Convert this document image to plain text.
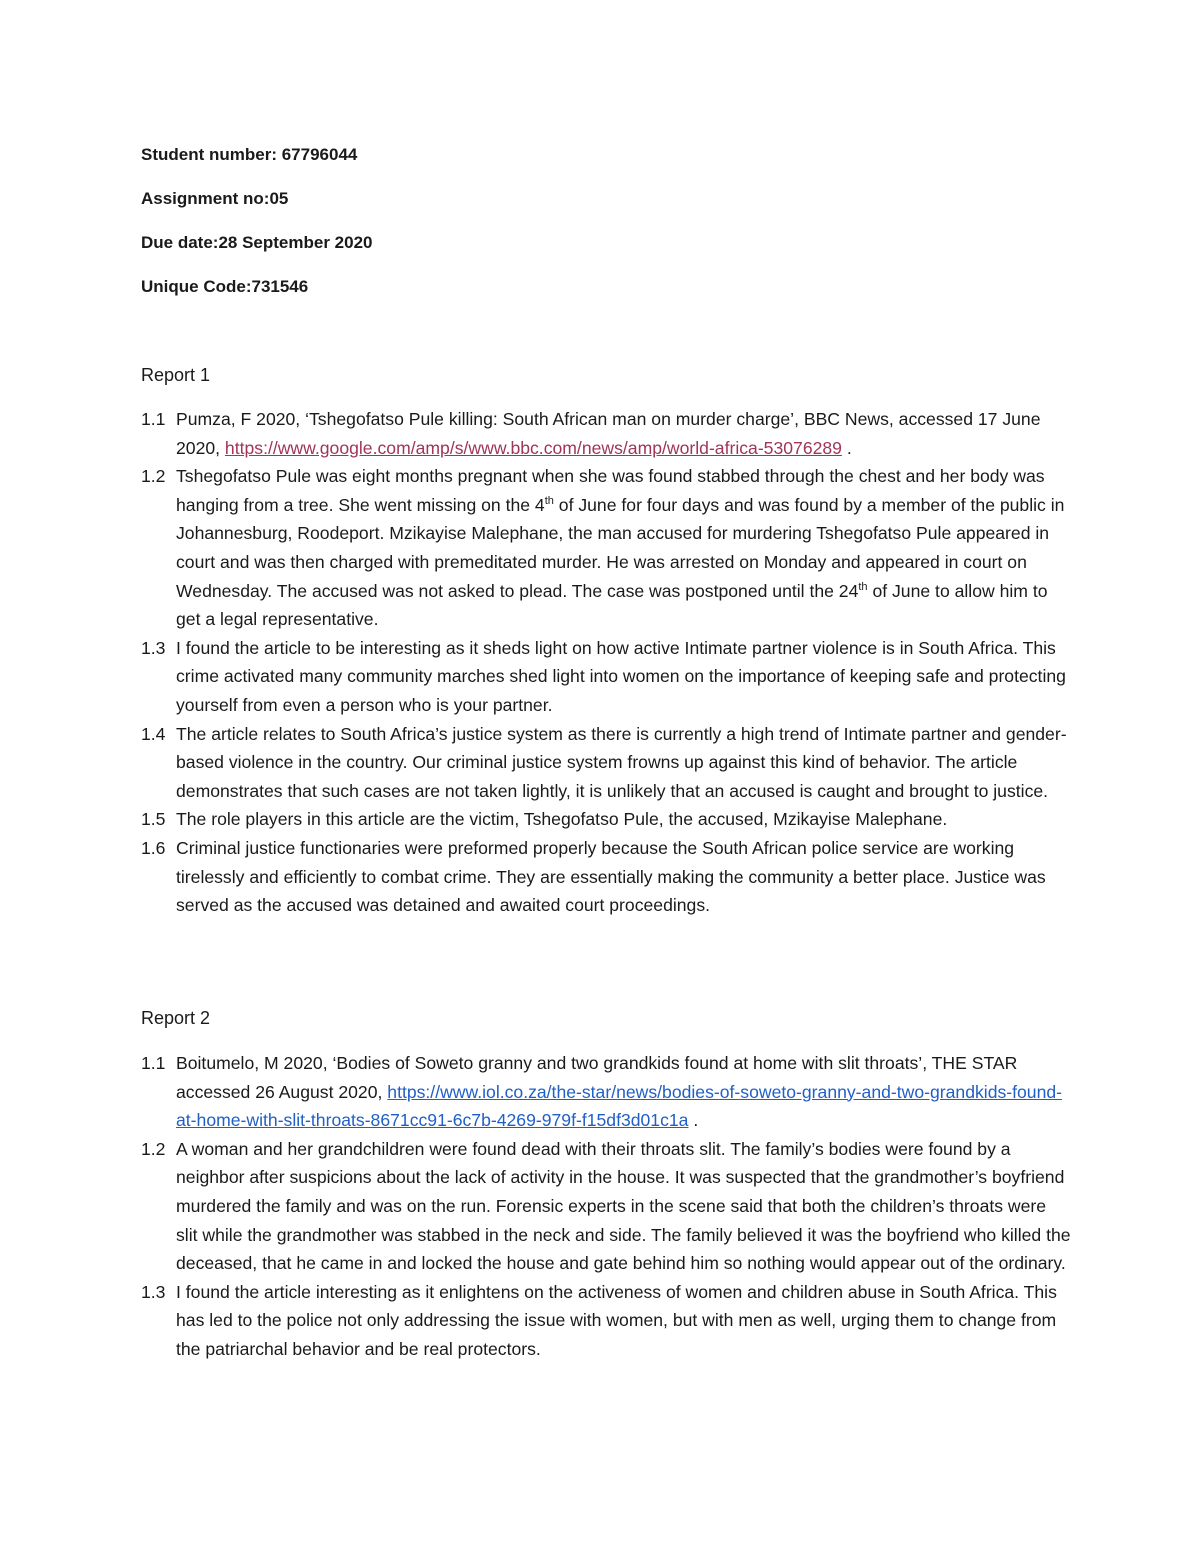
Student number: 67796044
Assignment no:05
Due date:28 September 2020
Unique Code:731546
Report 1
1.1 Pumza, F 2020, ‘Tshegofatso Pule killing: South African man on murder charge’, BBC News, accessed 17 June 2020, https://www.google.com/amp/s/www.bbc.com/news/amp/world-africa-53076289 .
1.2 Tshegofatso Pule was eight months pregnant when she was found stabbed through the chest and her body was hanging from a tree. She went missing on the 4th of June for four days and was found by a member of the public in Johannesburg, Roodeport. Mzikayise Malephane, the man accused for murdering Tshegofatso Pule appeared in court and was then charged with premeditated murder. He was arrested on Monday and appeared in court on Wednesday. The accused was not asked to plead. The case was postponed until the 24th of June to allow him to get a legal representative.
1.3 I found the article to be interesting as it sheds light on how active Intimate partner violence is in South Africa. This crime activated many community marches shed light into women on the importance of keeping safe and protecting yourself from even a person who is your partner.
1.4 The article relates to South Africa’s justice system as there is currently a high trend of Intimate partner and gender-based violence in the country. Our criminal justice system frowns up against this kind of behavior. The article demonstrates that such cases are not taken lightly, it is unlikely that an accused is caught and brought to justice.
1.5 The role players in this article are the victim, Tshegofatso Pule, the accused, Mzikayise Malephane.
1.6 Criminal justice functionaries were preformed properly because the South African police service are working tirelessly and efficiently to combat crime. They are essentially making the community a better place. Justice was served as the accused was detained and awaited court proceedings.
Report 2
1.1 Boitumelo, M 2020, ‘Bodies of Soweto granny and two grandkids found at home with slit throats’, THE STAR accessed 26 August 2020, https://www.iol.co.za/the-star/news/bodies-of-soweto-granny-and-two-grandkids-found-at-home-with-slit-throats-8671cc91-6c7b-4269-979f-f15df3d01c1a .
1.2 A woman and her grandchildren were found dead with their throats slit. The family’s bodies were found by a neighbor after suspicions about the lack of activity in the house. It was suspected that the grandmother’s boyfriend murdered the family and was on the run. Forensic experts in the scene said that both the children’s throats were slit while the grandmother was stabbed in the neck and side. The family believed it was the boyfriend who killed the deceased, that he came in and locked the house and gate behind him so nothing would appear out of the ordinary.
1.3 I found the article interesting as it enlightens on the activeness of women and children abuse in South Africa. This has led to the police not only addressing the issue with women, but with men as well, urging them to change from the patriarchal behavior and be real protectors.
